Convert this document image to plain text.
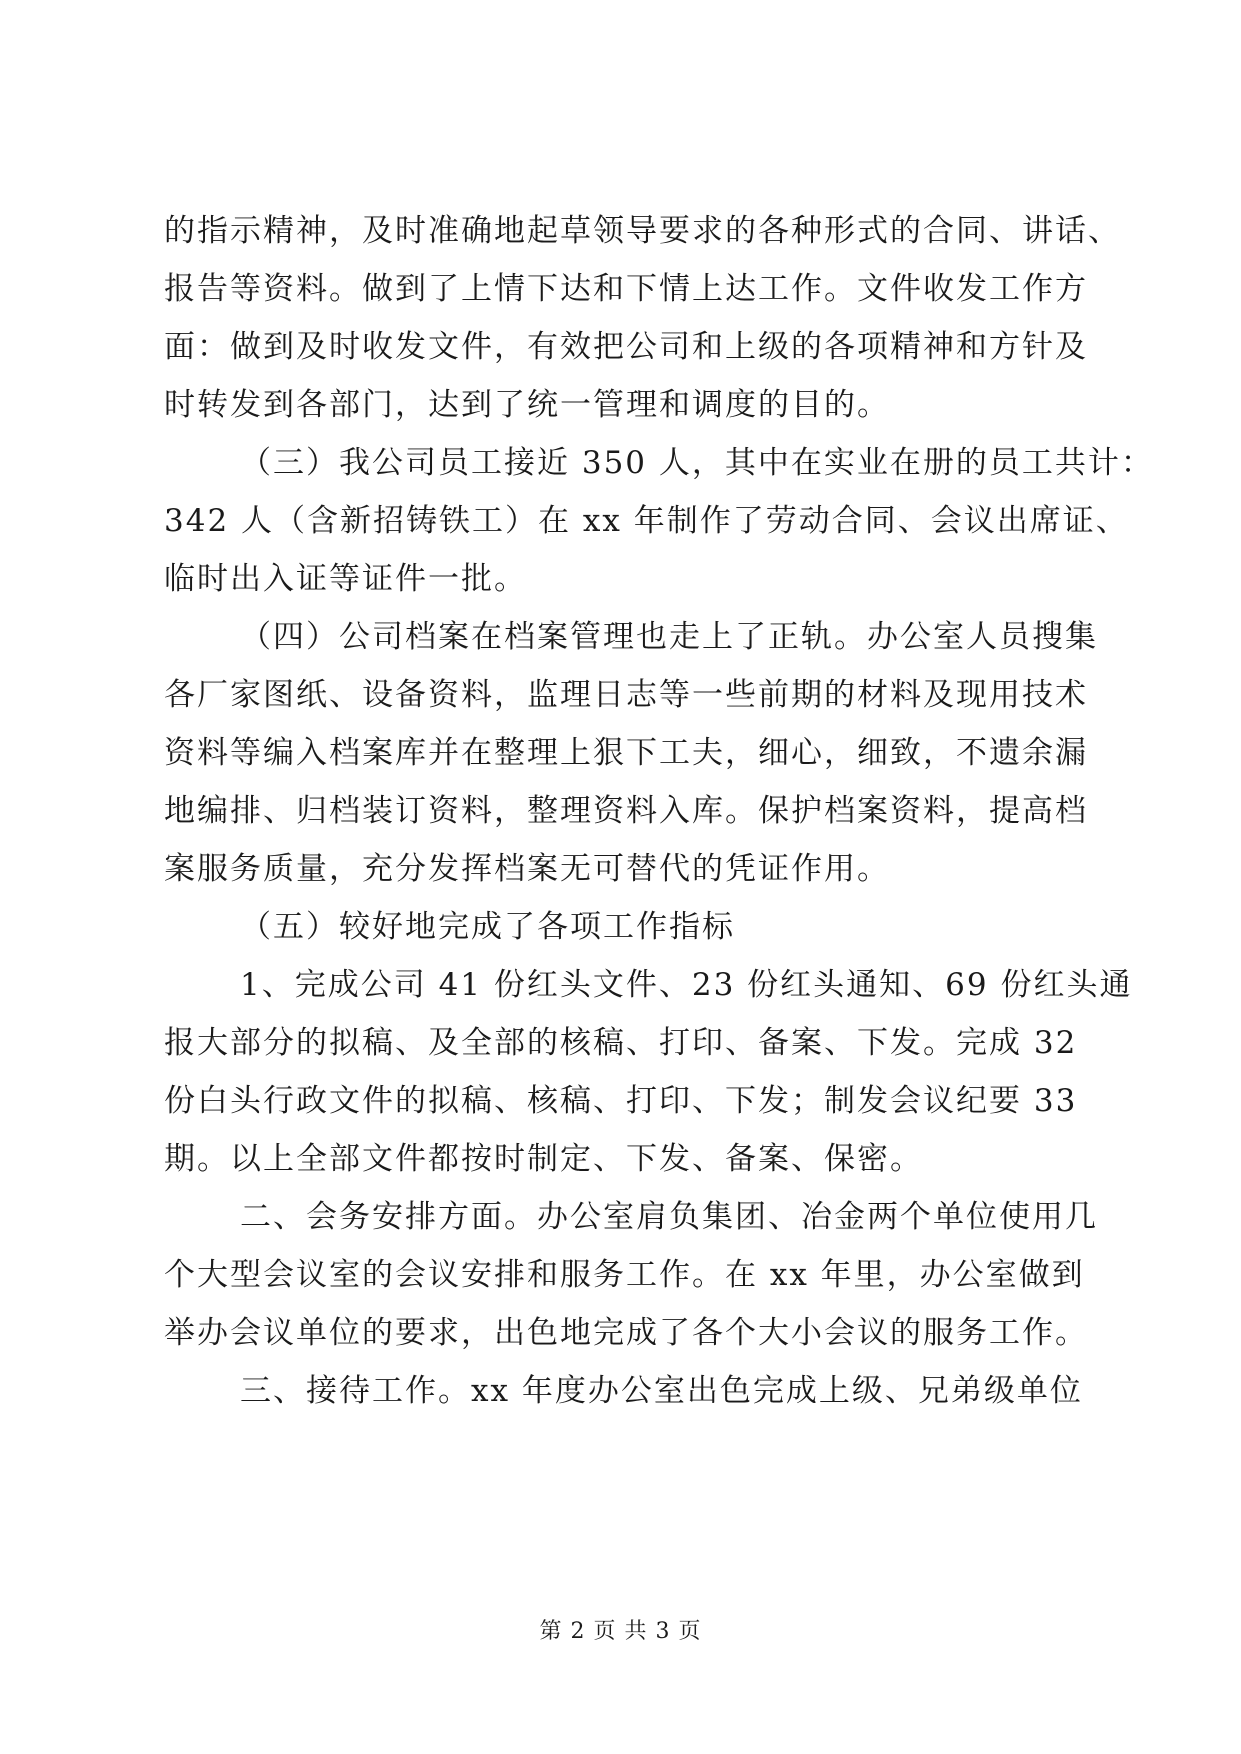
的指示精神，及时准确地起草领导要求的各种形式的合同、讲话、
报告等资料。做到了上情下达和下情上达工作。文件收发工作方
面：做到及时收发文件，有效把公司和上级的各项精神和方针及
时转发到各部门，达到了统一管理和调度的目的。
（三）我公司员工接近 350 人，其中在实业在册的员工共计：
342 人（含新招铸铁工）在 xx 年制作了劳动合同、会议出席证、
临时出入证等证件一批。
（四）公司档案在档案管理也走上了正轨。办公室人员搜集
各厂家图纸、设备资料，监理日志等一些前期的材料及现用技术
资料等编入档案库并在整理上狠下工夫，细心，细致，不遗余漏
地编排、归档装订资料，整理资料入库。保护档案资料，提高档
案服务质量，充分发挥档案无可替代的凭证作用。
（五）较好地完成了各项工作指标
1、完成公司 41 份红头文件、23 份红头通知、69 份红头通
报大部分的拟稿、及全部的核稿、打印、备案、下发。完成 32
份白头行政文件的拟稿、核稿、打印、下发；制发会议纪要 33
期。以上全部文件都按时制定、下发、备案、保密。
二、会务安排方面。办公室肩负集团、冶金两个单位使用几
个大型会议室的会议安排和服务工作。在 xx 年里，办公室做到
举办会议单位的要求，出色地完成了各个大小会议的服务工作。
三、接待工作。xx 年度办公室出色完成上级、兄弟级单位
第 2 页 共 3 页
